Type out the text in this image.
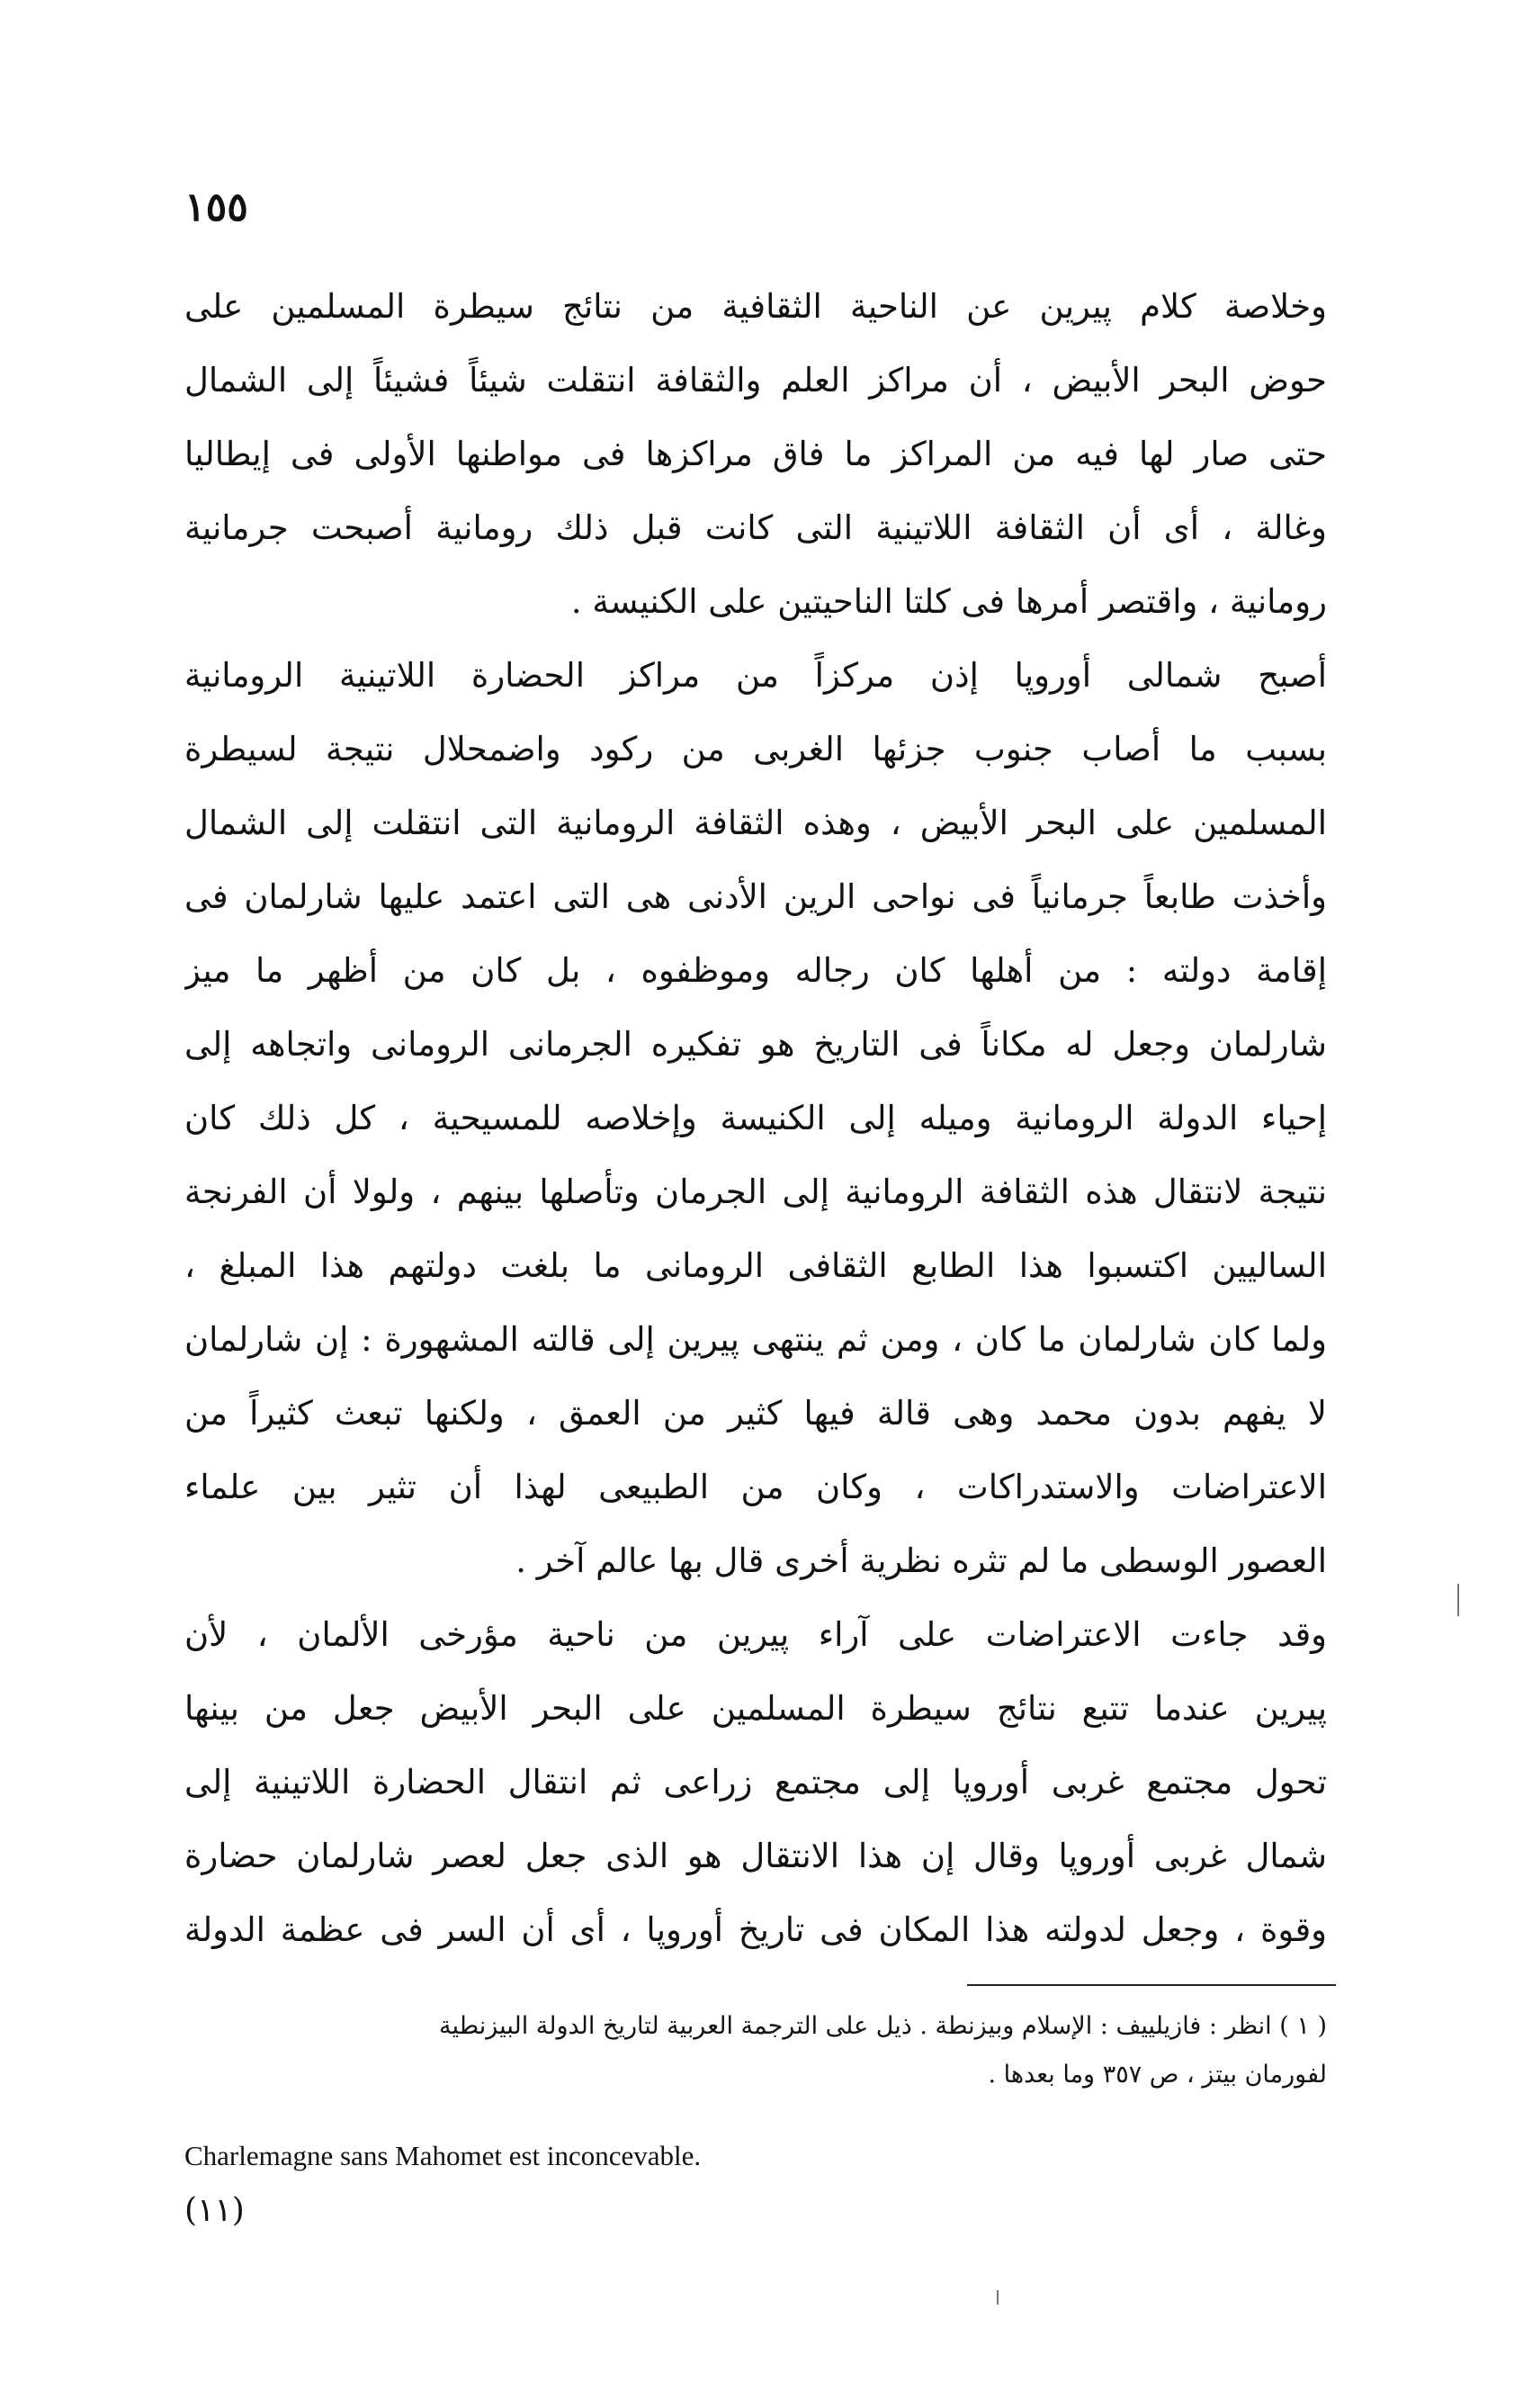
١٥٥

وخلاصة كلام پيرين عن الناحية الثقافية من نتائج سيطرة المسلمين على
حوض البحر الأبيض ، أن مراكز العلم والثقافة انتقلت شيئاً فشيئاً إلى الشمال
حتى صار لها فيه من المراكز ما فاق مراكزها فى مواطنها الأولى فى إيطاليا
وغالة ، أى أن الثقافة اللاتينية التى كانت قبل ذلك رومانية أصبحت جرمانية
رومانية ، واقتصر أمرها فى كلتا الناحيتين على الكنيسة .

أصبح شمالى أوروپا إذن مركزاً من مراكز الحضارة اللاتينية الرومانية
بسبب ما أصاب جنوب جزئها الغربى من ركود واضمحلال نتيجة لسيطرة
المسلمين على البحر الأبيض ، وهذه الثقافة الرومانية التى انتقلت إلى الشمال
وأخذت طابعاً جرمانياً فى نواحى الرين الأدنى هى التى اعتمد عليها شارلمان فى
إقامة دولته : من أهلها كان رجاله وموظفوه ، بل كان من أظهر ما ميز
شارلمان وجعل له مكاناً فى التاريخ هو تفكيره الجرمانى الرومانى واتجاهه إلى
إحياء الدولة الرومانية وميله إلى الكنيسة وإخلاصه للمسيحية ، كل ذلك كان
نتيجة لانتقال هذه الثقافة الرومانية إلى الجرمان وتأصلها بينهم ، ولولا أن الفرنجة
الساليين اكتسبوا هذا الطابع الثقافى الرومانى ما بلغت دولتهم هذا المبلغ ،
ولما كان شارلمان ما كان ، ومن ثم ينتهى پيرين إلى قالته المشهورة : إن شارلمان
لا يفهم بدون محمد وهى قالة فيها كثير من العمق ، ولكنها تبعث كثيراً من
الاعتراضات والاستدراكات ، وكان من الطبيعى لهذا أن تثير بين علماء
العصور الوسطى ما لم تثره نظرية أخرى قال بها عالم آخر .

وقد جاءت الاعتراضات على آراء پيرين من ناحية مؤرخى الألمان ، لأن
پيرين عندما تتبع نتائج سيطرة المسلمين على البحر الأبيض جعل من بينها
تحول مجتمع غربى أوروپا إلى مجتمع زراعى ثم انتقال الحضارة اللاتينية إلى
شمال غربى أوروپا وقال إن هذا الانتقال هو الذى جعل لعصر شارلمان حضارة
وقوة ، وجعل لدولته هذا المكان فى تاريخ أوروپا ، أى أن السر فى عظمة الدولة

( ١ ) انظر : فازيلييف : الإسلام وبيزنطة . ذيل على الترجمة العربية لتاريخ الدولة البيزنطية
لفورمان بيتز ، ص ٣٥٧ وما بعدها .
Charlemagne sans Mahomet est inconcevable.
(١١)
